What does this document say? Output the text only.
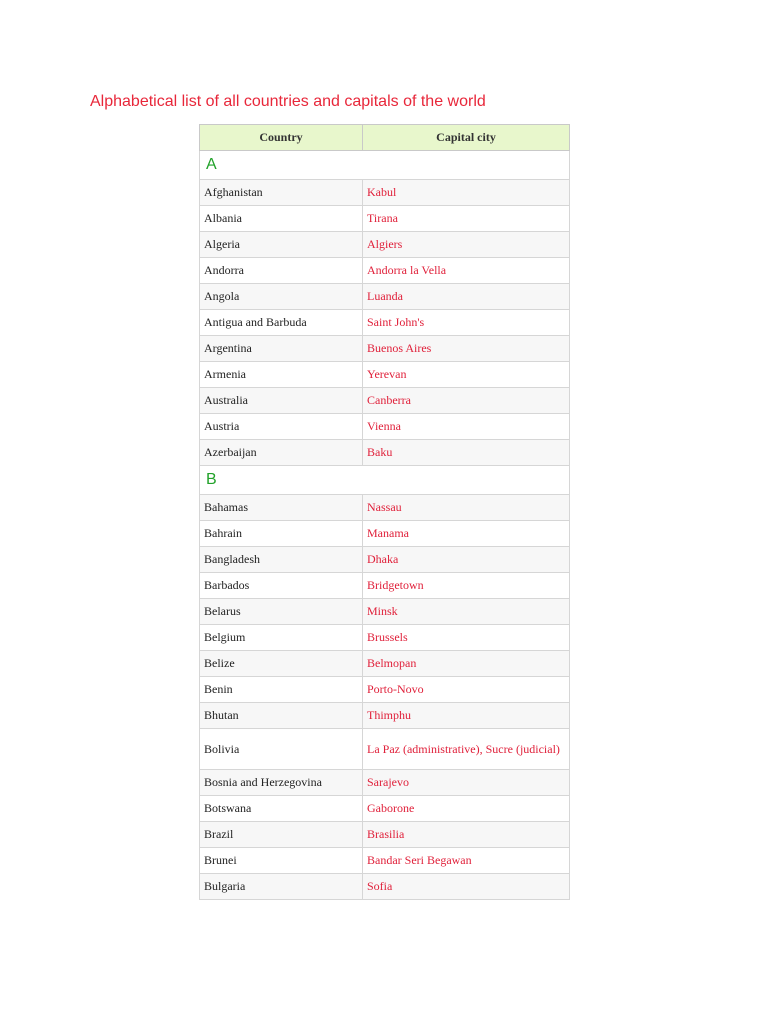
Alphabetical list of all countries and capitals of the world
Country	Capital city
A	
Afghanistan	Kabul
Albania	Tirana
Algeria	Algiers
Andorra	Andorra la Vella
Angola	Luanda
Antigua and Barbuda	Saint John's
Argentina	Buenos Aires
Armenia	Yerevan
Australia	Canberra
Austria	Vienna
Azerbaijan	Baku
B	
Bahamas	Nassau
Bahrain	Manama
Bangladesh	Dhaka
Barbados	Bridgetown
Belarus	Minsk
Belgium	Brussels
Belize	Belmopan
Benin	Porto-Novo
Bhutan	Thimphu
Bolivia	La Paz (administrative), Sucre (judicial)
Bosnia and Herzegovina	Sarajevo
Botswana	Gaborone
Brazil	Brasilia
Brunei	Bandar Seri Begawan
Bulgaria	Sofia
